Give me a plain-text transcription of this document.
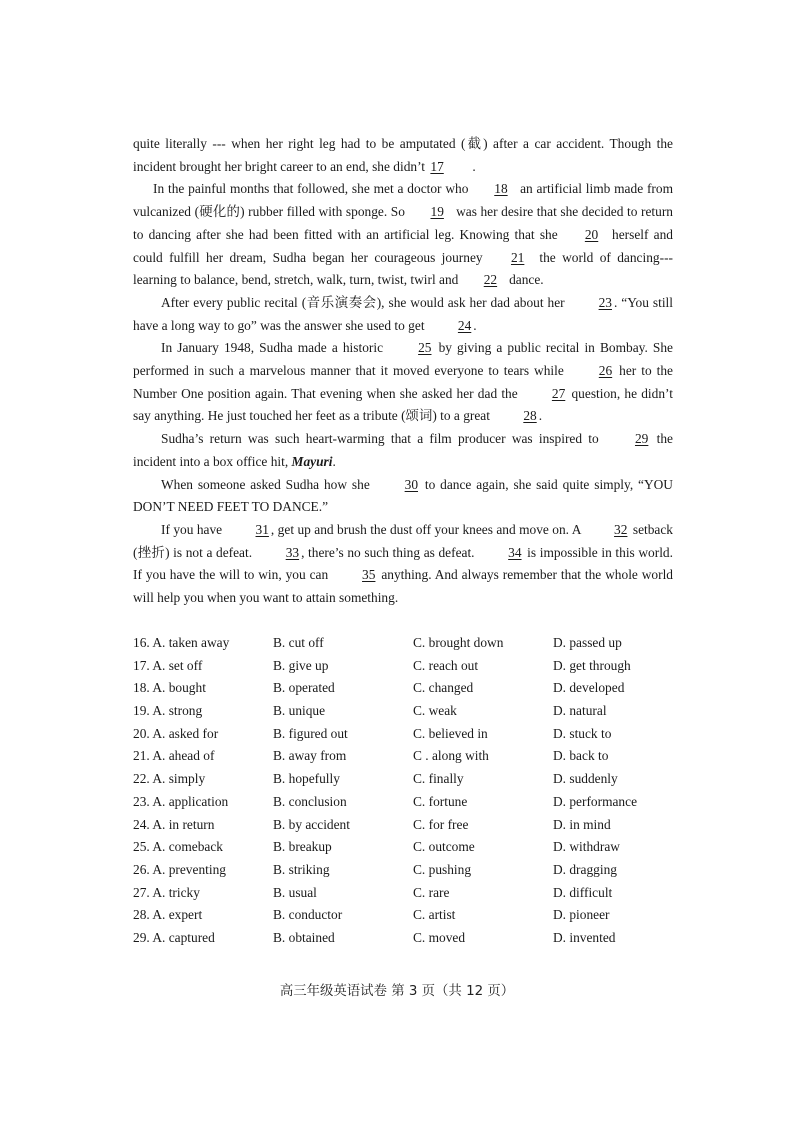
quite literally --- when her right leg had to be amputated (截) after a car accident. Though the incident brought her bright career to an end, she didn’t 17 .

In the painful months that followed, she met a doctor who 18 an artificial limb made from vulcanized (硬化的) rubber filled with sponge. So 19 was her desire that she decided to return to dancing after she had been fitted with an artificial leg. Knowing that she 20 herself and could fulfill her dream, Sudha began her courageous journey 21 the world of dancing---learning to balance, bend, stretch, walk, turn, twist, twirl and 22 dance.

After every public recital (音乐演奏会), she would ask her dad about her 23 . “You still have a long way to go” was the answer she used to get 24 .

In January 1948, Sudha made a historic 25 by giving a public recital in Bombay. She performed in such a marvelous manner that it moved everyone to tears while 26 her to the Number One position again. That evening when she asked her dad the 27 question, he didn’t say anything. He just touched her feet as a tribute (颂词) to a great 28 .

Sudha’s return was such heart-warming that a film producer was inspired to 29 the incident into a box office hit, Mayuri.

When someone asked Sudha how she 30 to dance again, she said quite simply, “YOU DON’T NEED FEET TO DANCE.”

If you have 31 , get up and brush the dust off your knees and move on. A 32 setback (挫折) is not a defeat. 33 , there’s no such thing as defeat. 34 is impossible in this world. If you have the will to win, you can 35 anything. And always remember that the whole world will help you when you want to attain something.

16. A. taken away	B. cut off	C. brought down	D. passed up
17. A. set off	B. give up	C. reach out	D. get through
18. A. bought	B. operated	C. changed	D. developed
19. A. strong	B. unique	C. weak	D. natural
20. A. asked for	B. figured out	C. believed in	D. stuck to
21. A. ahead of	B. away from	C . along with	D. back to
22. A. simply	B. hopefully	C. finally	D. suddenly
23. A. application	B. conclusion	C. fortune	D. performance
24. A. in return	B. by accident	C. for free	D. in mind
25. A. comeback	B. breakup	C. outcome	D. withdraw
26. A. preventing	B. striking	C. pushing	D. dragging
27. A. tricky	B. usual	C. rare	D. difficult
28. A. expert	B. conductor	C. artist	D. pioneer
29. A. captured	B. obtained	C. moved	D. invented
高三年级英语试卷 第 3 页（共 12 页）
